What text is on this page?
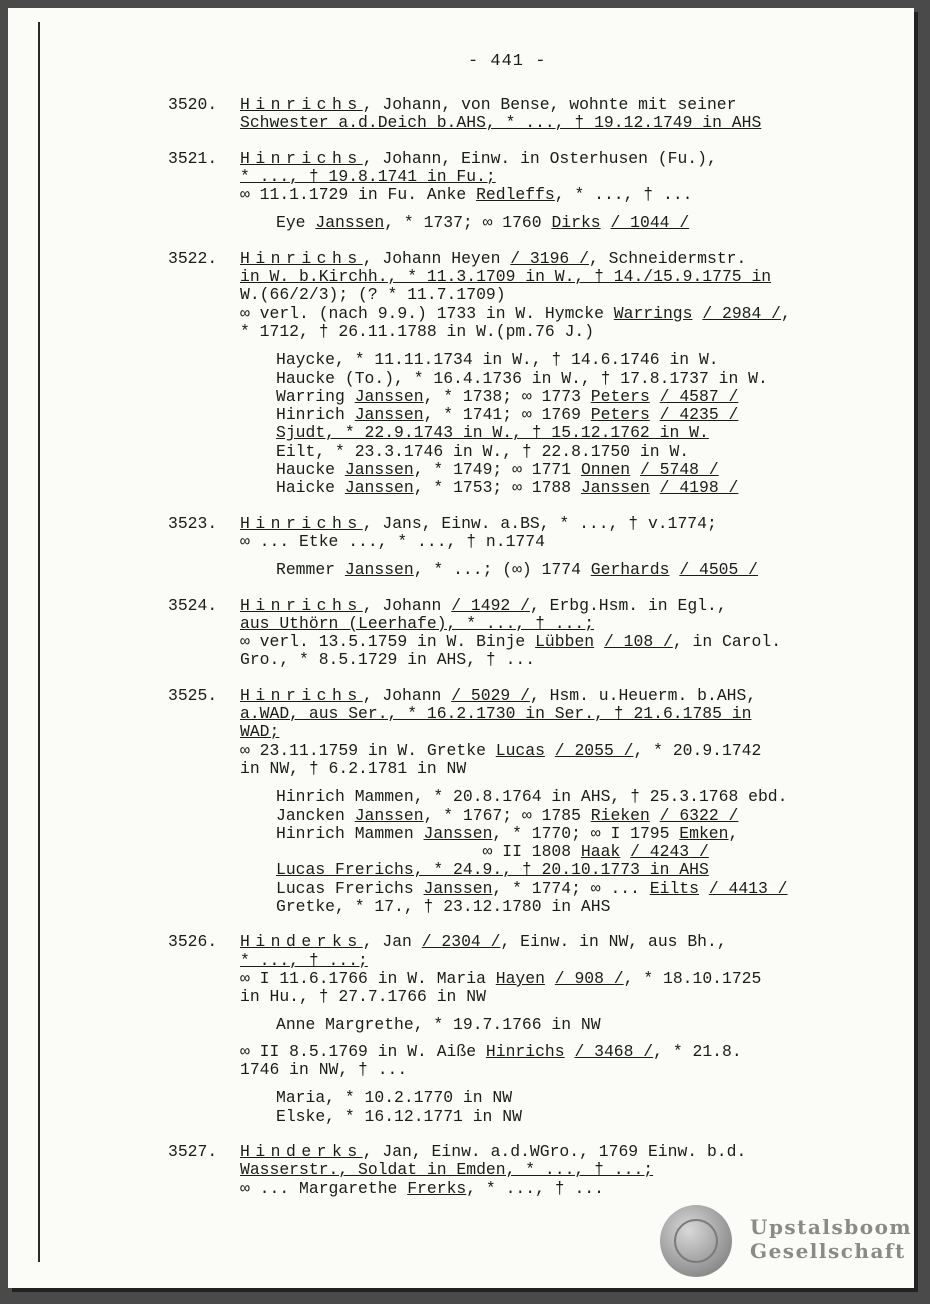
- 441 -
3520. Hinrichs, Johann, von Bense, wohnte mit seiner
Schwester a.d.Deich b.AHS, * ..., † 19.12.1749 in AHS
3521. Hinrichs, Johann, Einw. in Osterhusen (Fu.),
* ..., † 19.8.1741 in Fu.;
∞ 11.1.1729 in Fu. Anke Redleffs, * ..., † ...
Eye Janssen, * 1737; ∞ 1760 Dirks / 1044 /
3522. Hinrichs, Johann Heyen / 3196 /, Schneidermstr.
in W. b.Kirchh., * 11.3.1709 in W., † 14./15.9.1775 in
W.(66/2/3); (? * 11.7.1709)
∞ verl. (nach 9.9.) 1733 in W. Hymcke Warrings / 2984 /,
* 1712, † 26.11.1788 in W.(pm.76 J.)
Haycke, * 11.11.1734 in W., † 14.6.1746 in W.
Haucke (To.), * 16.4.1736 in W., † 17.8.1737 in W.
Warring Janssen, * 1738; ∞ 1773 Peters / 4587 /
Hinrich Janssen, * 1741; ∞ 1769 Peters / 4235 /
Sjudt, * 22.9.1743 in W., † 15.12.1762 in W.
Eilt, * 23.3.1746 in W., † 22.8.1750 in W.
Haucke Janssen, * 1749; ∞ 1771 Onnen / 5748 /
Haicke Janssen, * 1753; ∞ 1788 Janssen / 4198 /
3523. Hinrichs, Jans, Einw. a.BS, * ..., † v.1774;
∞ ... Etke ..., * ..., † n.1774
Remmer Janssen, * ...; (∞) 1774 Gerhards / 4505 /
3524. Hinrichs, Johann / 1492 /, Erbg.Hsm. in Egl.,
aus Uthörn (Leerhafe), * ..., † ...;
∞ verl. 13.5.1759 in W. Binje Lübben / 108 /, in Carol.
Gro., * 8.5.1729 in AHS, † ...
3525. Hinrichs, Johann / 5029 /, Hsm. u.Heuerm. b.AHS,
a.WAD, aus Ser., * 16.2.1730 in Ser., † 21.6.1785 in
WAD;
∞ 23.11.1759 in W. Gretke Lucas / 2055 /, * 20.9.1742
in NW, † 6.2.1781 in NW
Hinrich Mammen, * 20.8.1764 in AHS, † 25.3.1768 ebd.
Jancken Janssen, * 1767; ∞ 1785 Rieken / 6322 /
Hinrich Mammen Janssen, * 1770; ∞ I 1795 Emken,
∞ II 1808 Haak / 4243 /
Lucas Frerichs, * 24.9., † 20.10.1773 in AHS
Lucas Frerichs Janssen, * 1774; ∞ ... Eilts / 4413 /
Gretke, * 17., † 23.12.1780 in AHS
3526. Hinderks, Jan / 2304 /, Einw. in NW, aus Bh.,
* ..., † ...;
∞ I 11.6.1766 in W. Maria Hayen / 908 /, * 18.10.1725
in Hu., † 27.7.1766 in NW
Anne Margrethe, * 19.7.1766 in NW
∞ II 8.5.1769 in W. Aiße Hinrichs / 3468 /, * 21.8.
1746 in NW, † ...
Maria, * 10.2.1770 in NW
Elske, * 16.12.1771 in NW
3527. Hinderks, Jan, Einw. a.d.WGro., 1769 Einw. b.d.
Wasserstr., Soldat in Emden, * ..., † ...;
∞ ... Margarethe Frerks, * ..., † ...
Upstalsboom
Gesellschaft
